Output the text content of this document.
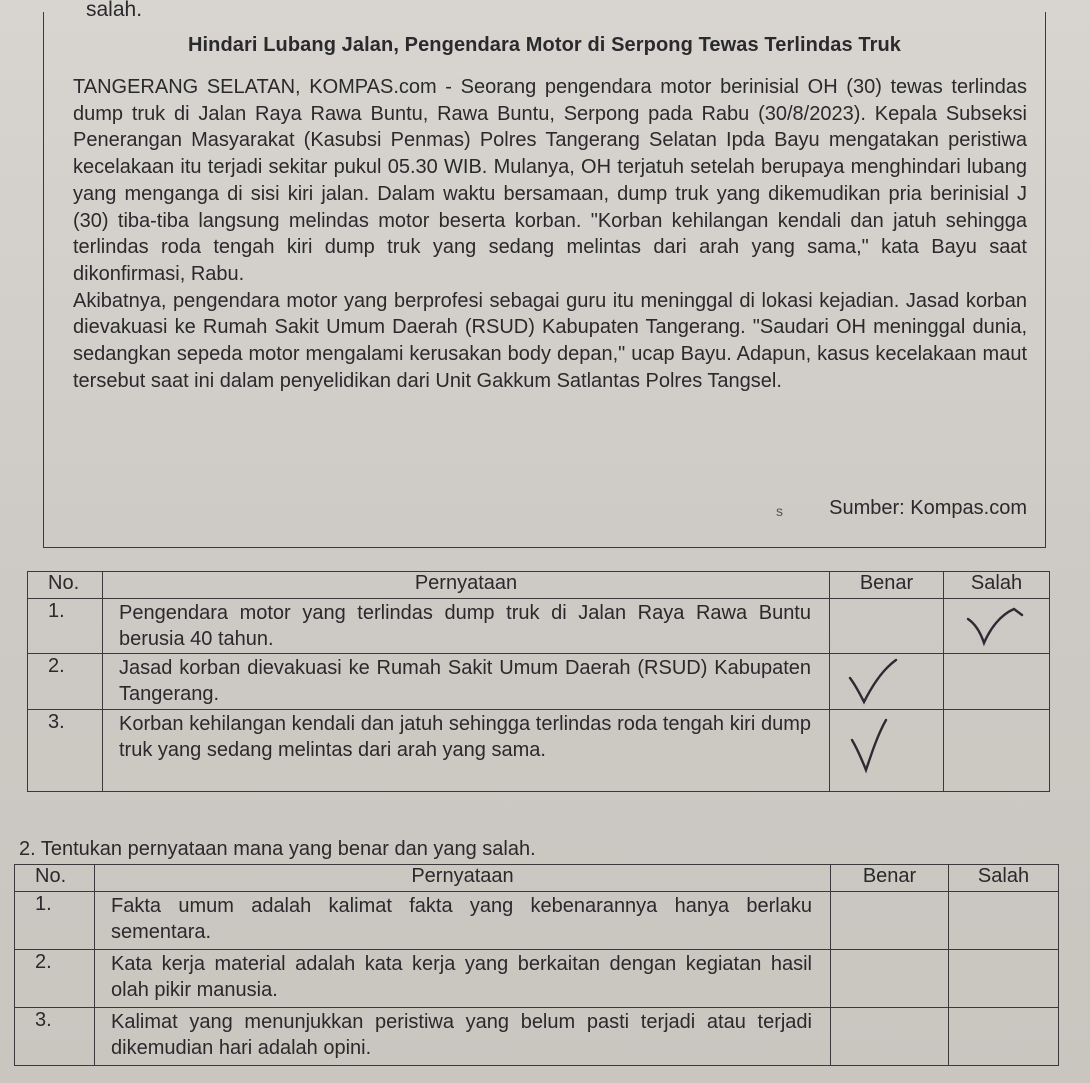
salah.
Hindari Lubang Jalan, Pengendara Motor di Serpong Tewas Terlindas Truk

TANGERANG SELATAN, KOMPAS.com - Seorang pengendara motor berinisial OH (30) tewas terlindas dump truk di Jalan Raya Rawa Buntu, Rawa Buntu, Serpong pada Rabu (30/8/2023). Kepala Subseksi Penerangan Masyarakat (Kasubsi Penmas) Polres Tangerang Selatan Ipda Bayu mengatakan peristiwa kecelakaan itu terjadi sekitar pukul 05.30 WIB. Mulanya, OH terjatuh setelah berupaya menghindari lubang yang menganga di sisi kiri jalan. Dalam waktu bersamaan, dump truk yang dikemudikan pria berinisial J (30) tiba-tiba langsung melindas motor beserta korban. "Korban kehilangan kendali dan jatuh sehingga terlindas roda tengah kiri dump truk yang sedang melintas dari arah yang sama," kata Bayu saat dikonfirmasi, Rabu.

Akibatnya, pengendara motor yang berprofesi sebagai guru itu meninggal di lokasi kejadian. Jasad korban dievakuasi ke Rumah Sakit Umum Daerah (RSUD) Kabupaten Tangerang. "Saudari OH meninggal dunia, sedangkan sepeda motor mengalami kerusakan body depan," ucap Bayu. Adapun, kasus kecelakaan maut tersebut saat ini dalam penyelidikan dari Unit Gakkum Satlantas Polres Tangsel.

s Sumber: Kompas.com
No.	Pernyataan	Benar	Salah
1.	Pengendara motor yang terlindas dump truk di Jalan Raya Rawa Buntu berusia 40 tahun.		

2.	Jasad korban dievakuasi ke Rumah Sakit Umum Daerah (RSUD) Kabupaten Tangerang.	

3.	Korban kehilangan kendali dan jatuh sehingga terlindas roda tengah kiri dump truk yang sedang melintas dari arah yang sama.	

2. Tentukan pernyataan mana yang benar dan yang salah.
No.	Pernyataan	Benar	Salah
1.	Fakta umum adalah kalimat fakta yang kebenarannya hanya berlaku sementara.		
2.	Kata kerja material adalah kata kerja yang berkaitan dengan kegiatan hasil olah pikir manusia.		
3.	Kalimat yang menunjukkan peristiwa yang belum pasti terjadi atau terjadi dikemudian hari adalah opini.		
